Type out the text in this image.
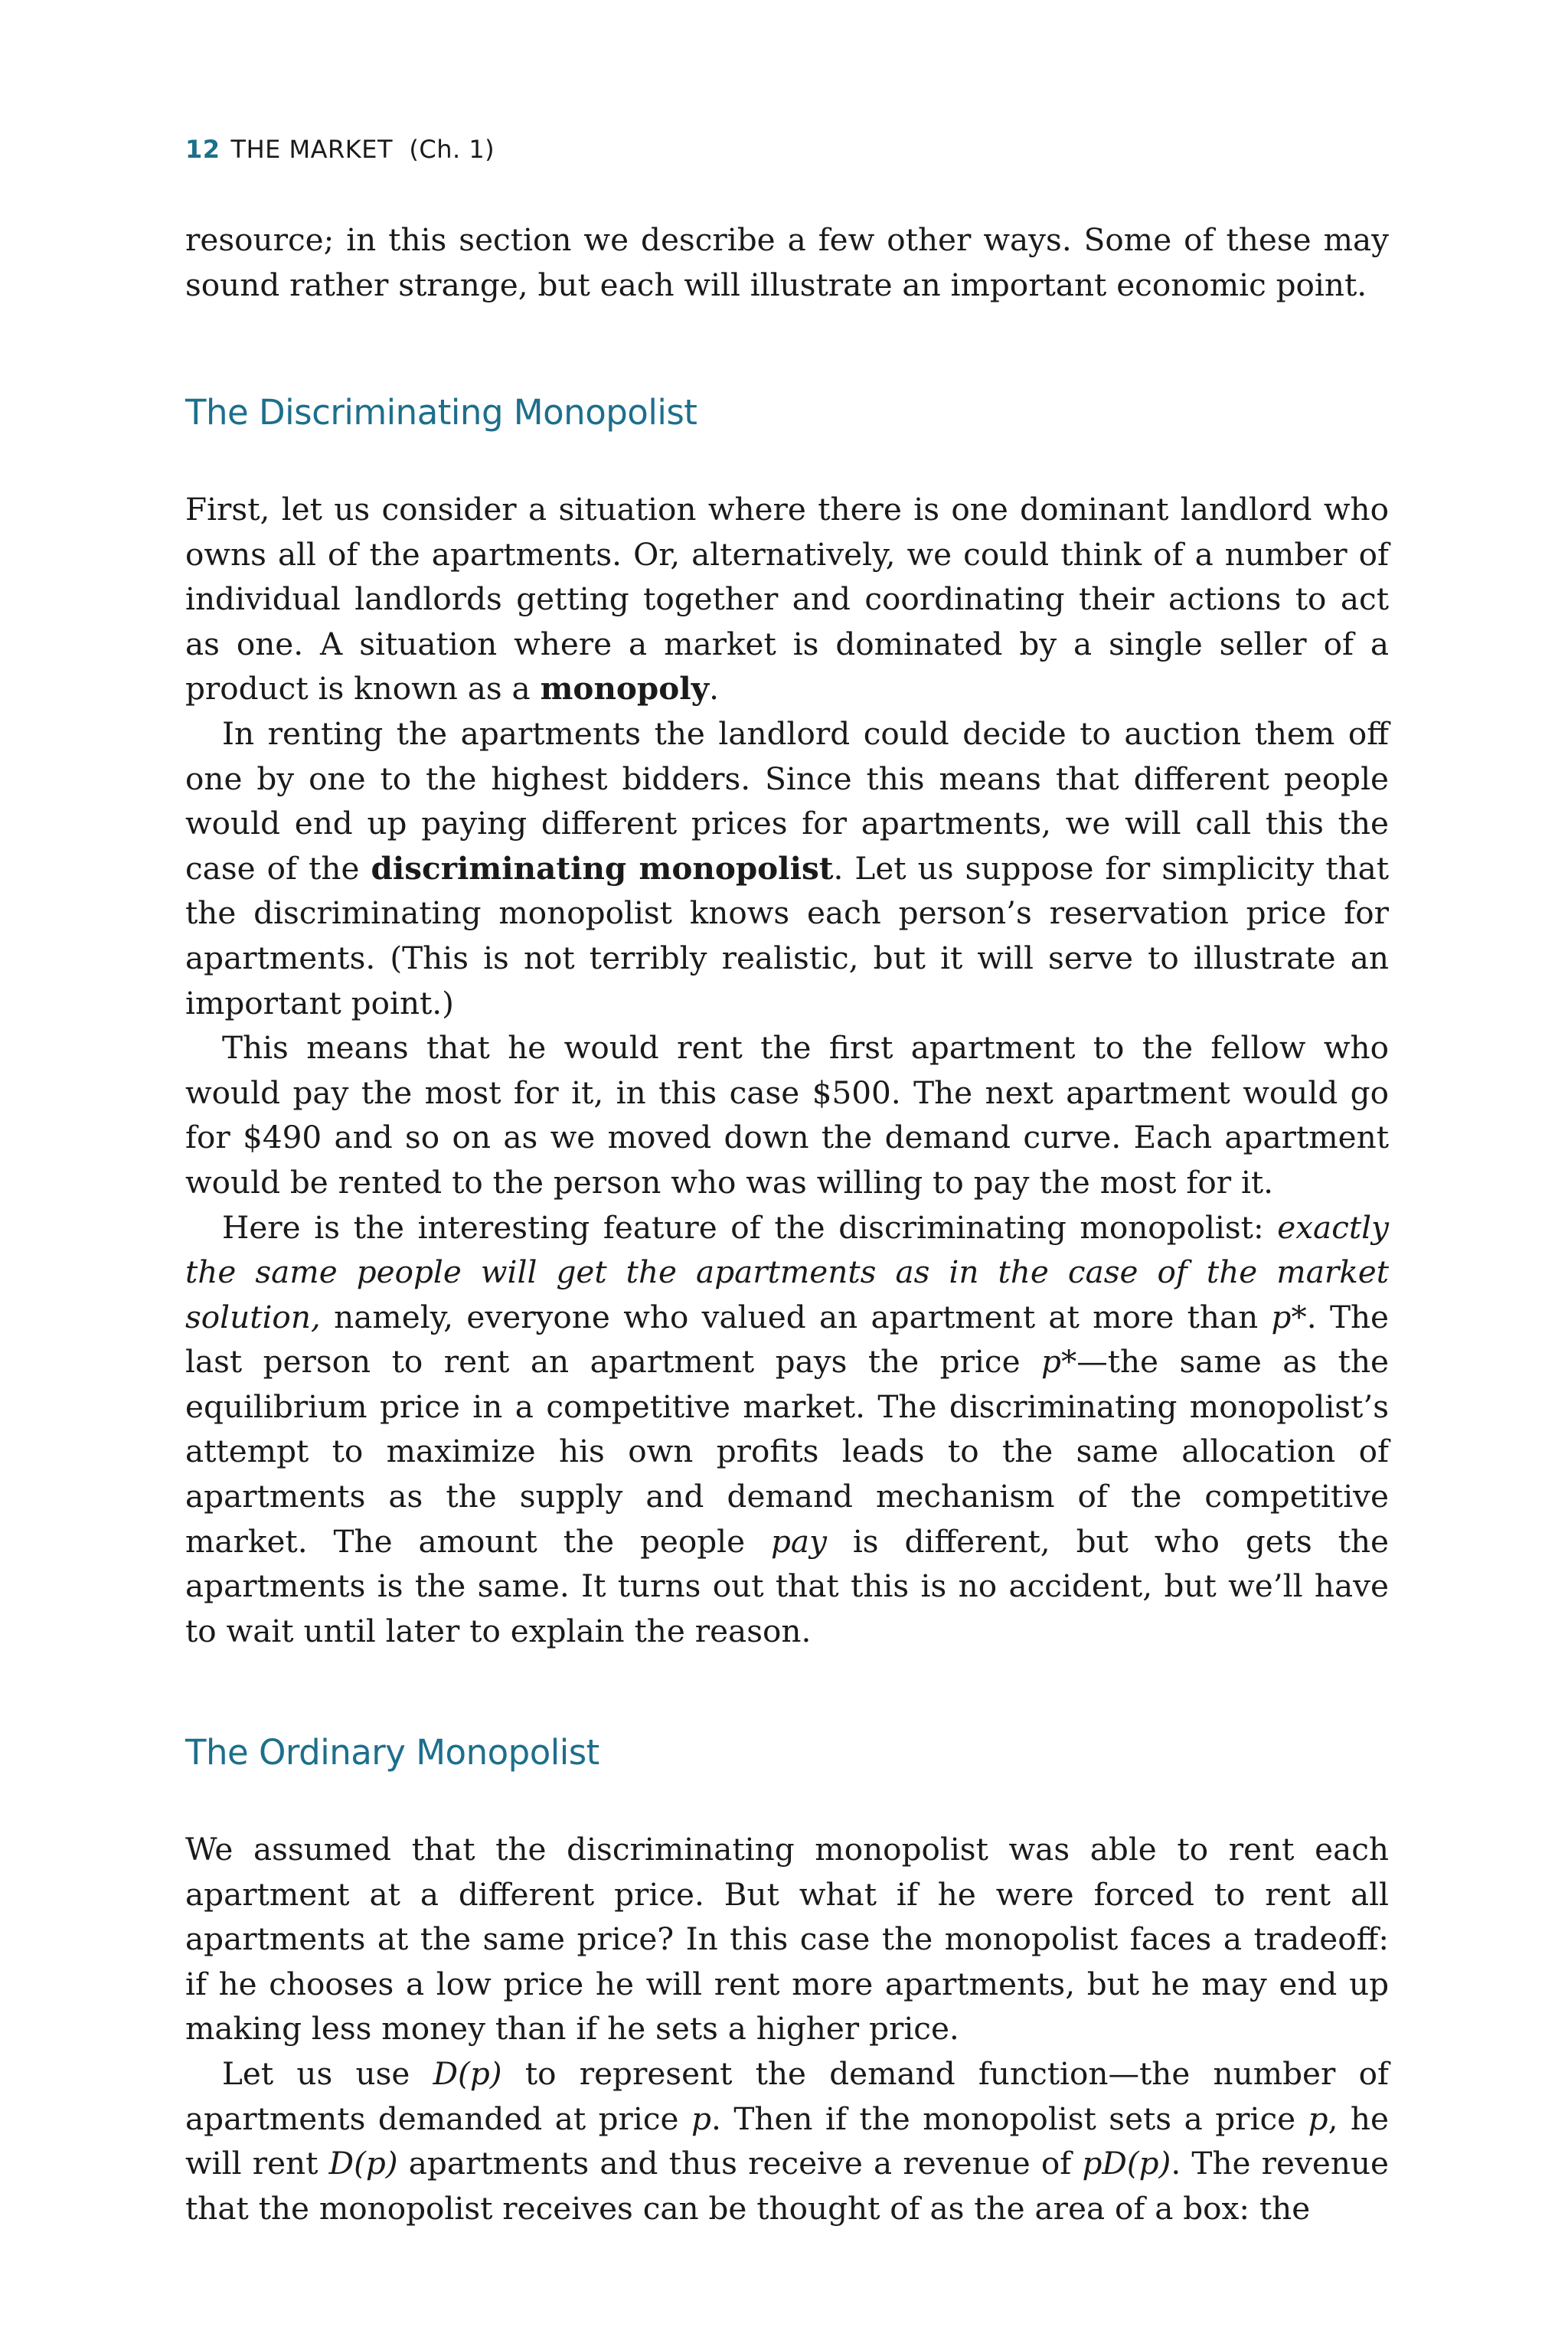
12 THE MARKET (Ch. 1)

resource; in this section we describe a few other ways. Some of these may sound rather strange, but each will illustrate an important economic point.

The Discriminating Monopolist

First, let us consider a situation where there is one dominant landlord who owns all of the apartments. Or, alternatively, we could think of a number of individual landlords getting together and coordinating their actions to act as one. A situation where a market is dominated by a single seller of a product is known as a monopoly.

In renting the apartments the landlord could decide to auction them off one by one to the highest bidders. Since this means that different people would end up paying different prices for apartments, we will call this the case of the discriminating monopolist. Let us suppose for simplicity that the discriminating monopolist knows each person’s reservation price for apartments. (This is not terribly realistic, but it will serve to illustrate an important point.)

This means that he would rent the first apartment to the fellow who would pay the most for it, in this case $500. The next apartment would go for $490 and so on as we moved down the demand curve. Each apartment would be rented to the person who was willing to pay the most for it.

Here is the interesting feature of the discriminating monopolist: exactly the same people will get the apartments as in the case of the market solution, namely, everyone who valued an apartment at more than p*. The last person to rent an apartment pays the price p*—the same as the equilibrium price in a competitive market. The discriminating monopolist’s attempt to maximize his own profits leads to the same allocation of apartments as the supply and demand mechanism of the competitive market. The amount the people pay is different, but who gets the apartments is the same. It turns out that this is no accident, but we’ll have to wait until later to explain the reason.

The Ordinary Monopolist

We assumed that the discriminating monopolist was able to rent each apartment at a different price. But what if he were forced to rent all apartments at the same price? In this case the monopolist faces a tradeoff: if he chooses a low price he will rent more apartments, but he may end up making less money than if he sets a higher price.

Let us use D(p) to represent the demand function—the number of apartments demanded at price p. Then if the monopolist sets a price p, he will rent D(p) apartments and thus receive a revenue of pD(p). The revenue that the monopolist receives can be thought of as the area of a box: the
